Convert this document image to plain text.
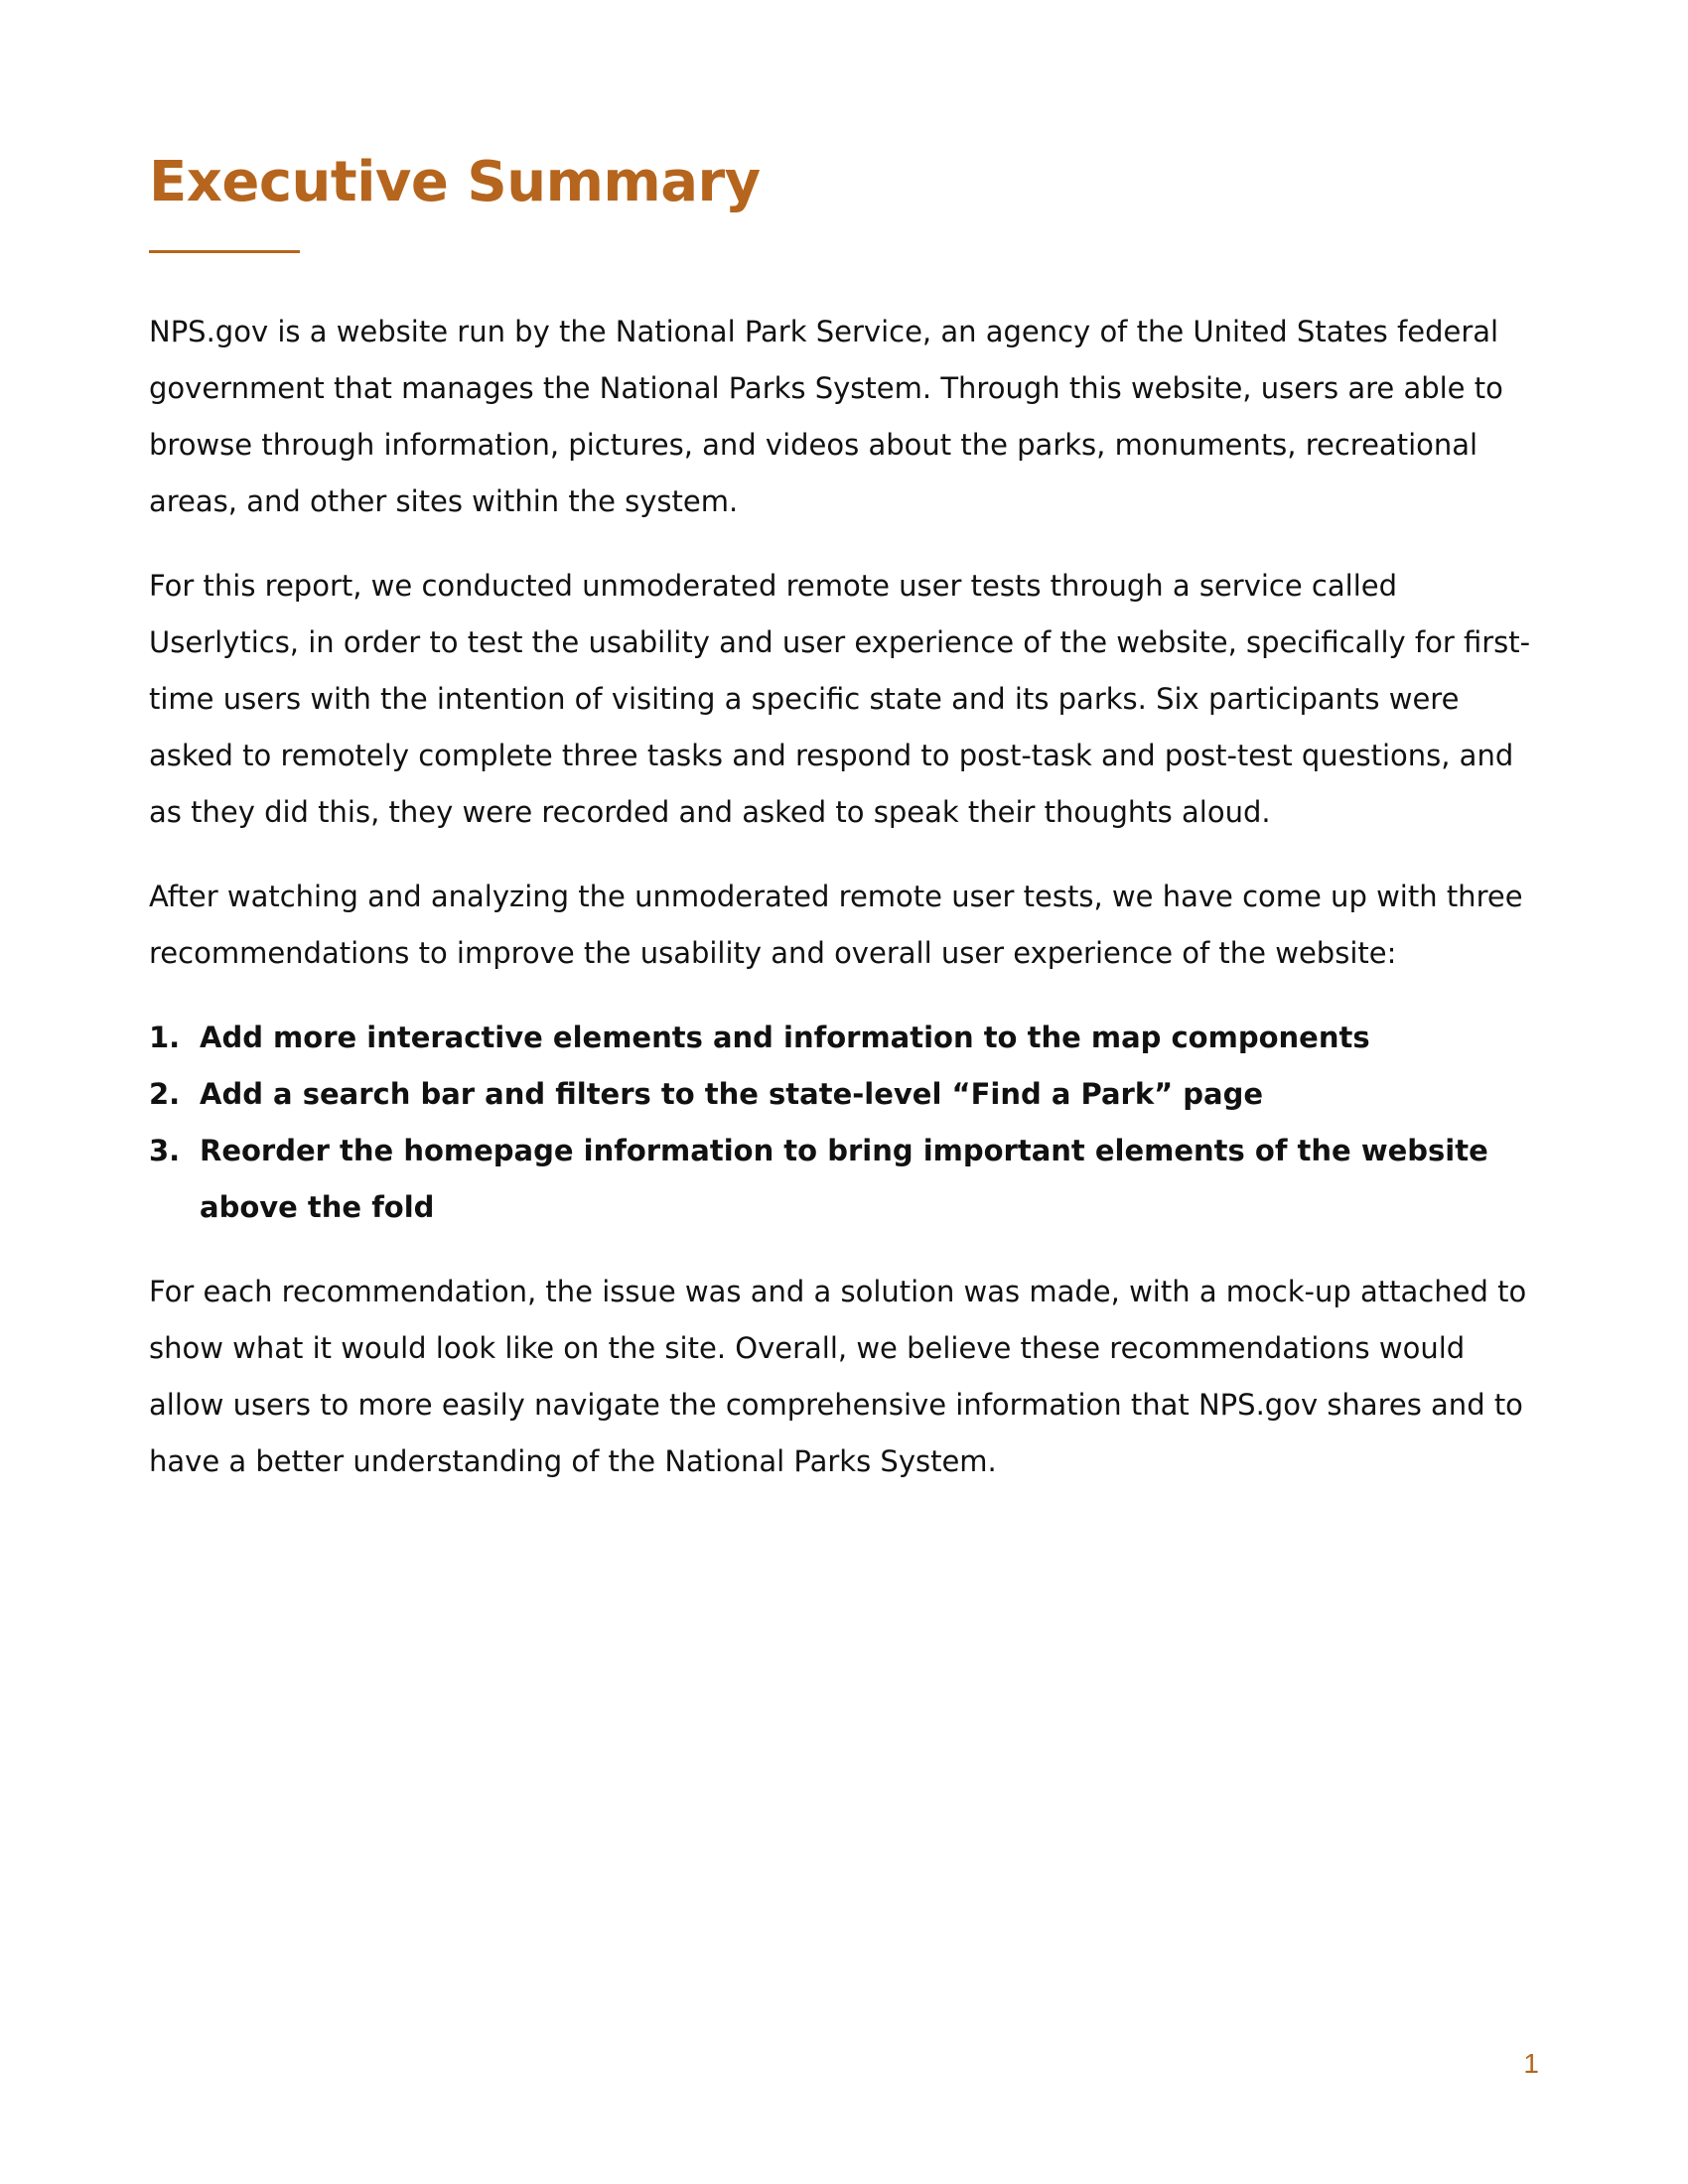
Executive Summary

NPS.gov is a website run by the National Park Service, an agency of the United States federal government that manages the National Parks System. Through this website, users are able to browse through information, pictures, and videos about the parks, monuments, recreational areas, and other sites within the system.

For this report, we conducted unmoderated remote user tests through a service called Userlytics, in order to test the usability and user experience of the website, specifically for first-time users with the intention of visiting a specific state and its parks. Six participants were asked to remotely complete three tasks and respond to post-task and post-test questions, and as they did this, they were recorded and asked to speak their thoughts aloud.

After watching and analyzing the unmoderated remote user tests, we have come up with three recommendations to improve the usability and overall user experience of the website:

1. Add more interactive elements and information to the map components
2. Add a search bar and filters to the state-level “Find a Park” page
3. Reorder the homepage information to bring important elements of the website above the fold

For each recommendation, the issue was and a solution was made, with a mock-up attached to show what it would look like on the site. Overall, we believe these recommendations would allow users to more easily navigate the comprehensive information that NPS.gov shares and to have a better understanding of the National Parks System.

1
